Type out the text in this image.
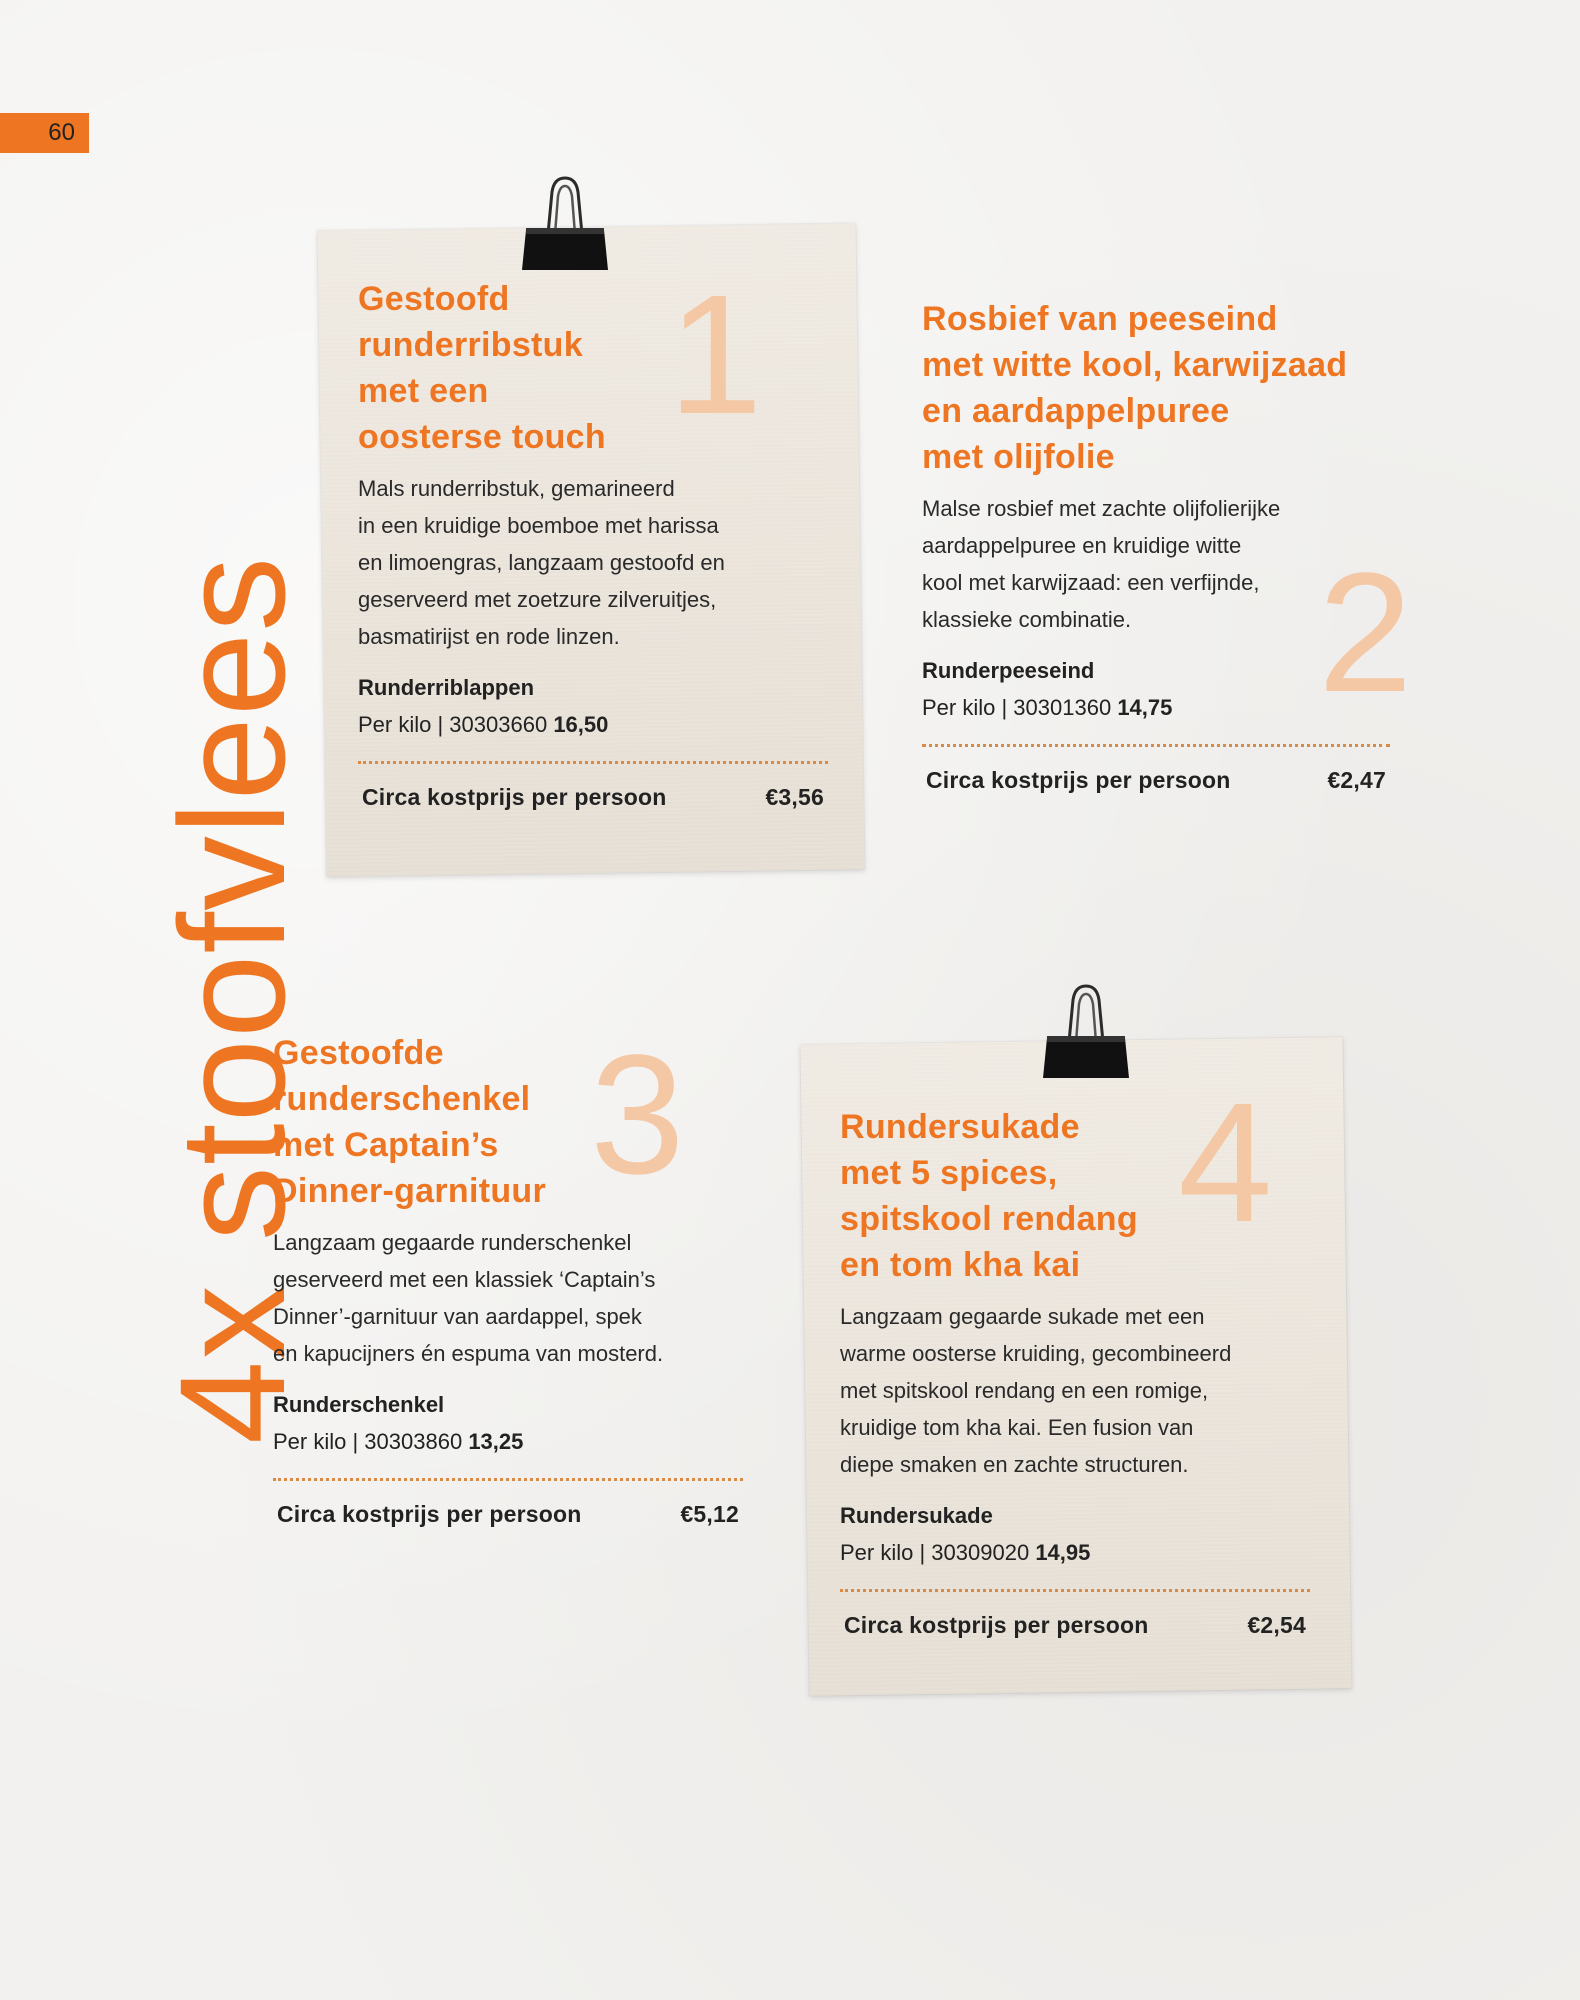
60
4x stoofvlees
1
2
3	4
Gestoofd
runderribstuk
met een
oosterse touch

Mals runderribstuk, gemarineerd
in een kruidige boemboe met harissa
en limoengras, langzaam gestoofd en
geserveerd met zoetzure zilveruitjes,
basmatirijst en rode linzen.

Runderriblappen
Per kilo | 30303660 16,50
Circa kostprijs per persoon	€3,56
Rosbief van peeseind
met witte kool, karwijzaad
en aardappelpuree
met olijfolie

Malse rosbief met zachte olijfolierijke
aardappelpuree en kruidige witte
kool met karwijzaad: een verfijnde,
klassieke combinatie.

Runderpeeseind
Per kilo | 30301360 14,75
Circa kostprijs per persoon	€2,47
Gestoofde
runderschenkel
met Captain’s
Dinner-garnituur

Langzaam gegaarde runderschenkel
geserveerd met een klassiek ‘Captain’s
Dinner’-garnituur van aardappel, spek
en kapucijners én espuma van mosterd.

Runderschenkel
Per kilo | 30303860 13,25
Circa kostprijs per persoon	€5,12
Rundersukade
met 5 spices,
spitskool rendang
en tom kha kai

Langzaam gegaarde sukade met een
warme oosterse kruiding, gecombineerd
met spitskool rendang en een romige,
kruidige tom kha kai. Een fusion van
diepe smaken en zachte structuren.

Rundersukade
Per kilo | 30309020 14,95
Circa kostprijs per persoon	€2,54
